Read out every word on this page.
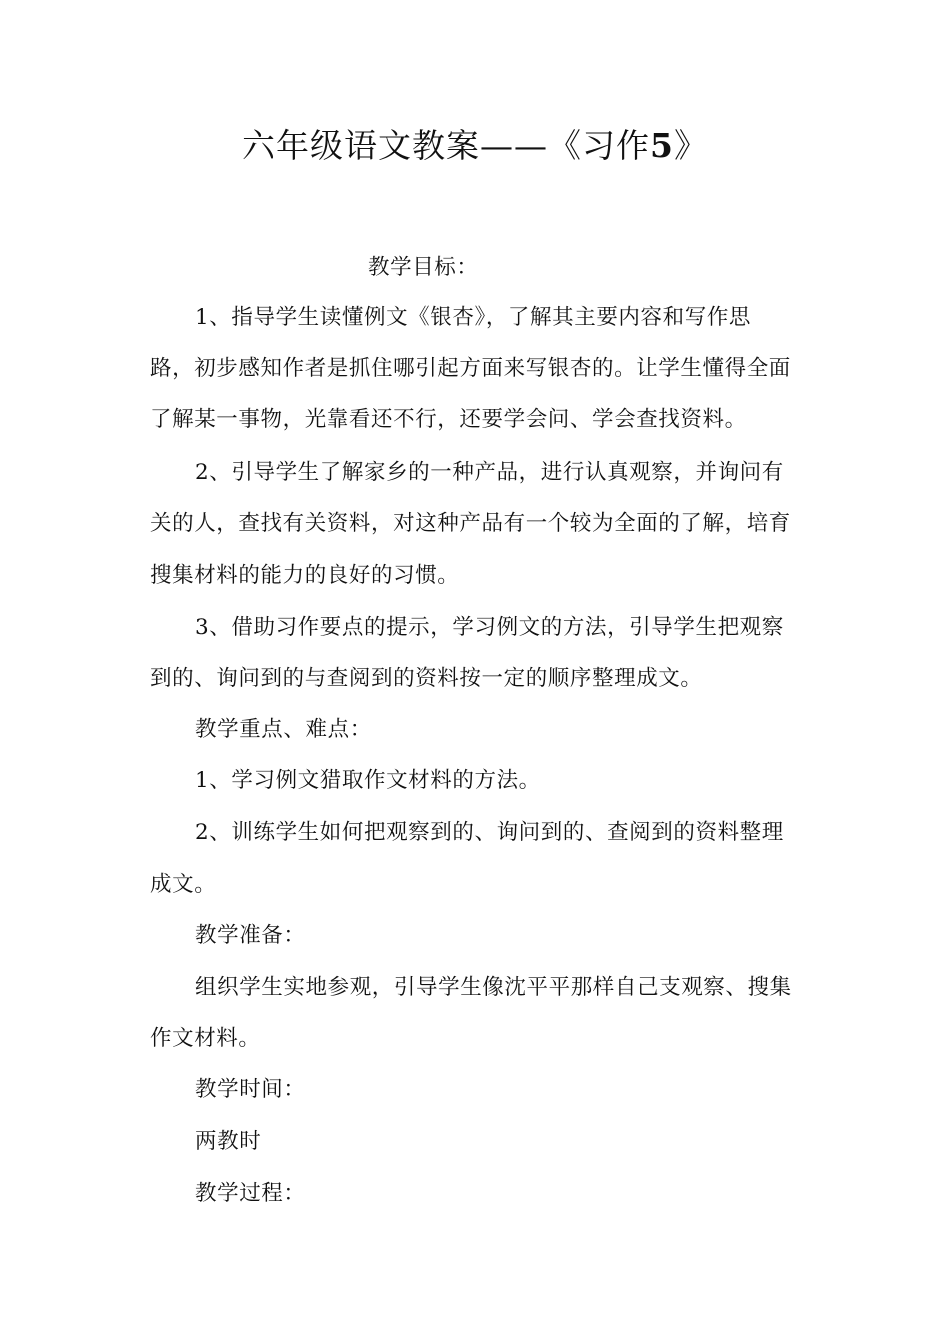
六年级语文教案——《习作5》
教学目标：
1、指导学生读懂例文《银杏》，了解其主要内容和写作思
路，初步感知作者是抓住哪引起方面来写银杏的。让学生懂得全面
了解某一事物，光靠看还不行，还要学会问、学会查找资料。
2、引导学生了解家乡的一种产品，进行认真观察，并询问有
关的人，查找有关资料，对这种产品有一个较为全面的了解，培育
搜集材料的能力的良好的习惯。
3、借助习作要点的提示，学习例文的方法，引导学生把观察
到的、询问到的与查阅到的资料按一定的顺序整理成文。
教学重点、难点：
1、学习例文猎取作文材料的方法。
2、训练学生如何把观察到的、询问到的、查阅到的资料整理
成文。
教学准备：
组织学生实地参观，引导学生像沈平平那样自己支观察、搜集
作文材料。
教学时间：
两教时
教学过程：
